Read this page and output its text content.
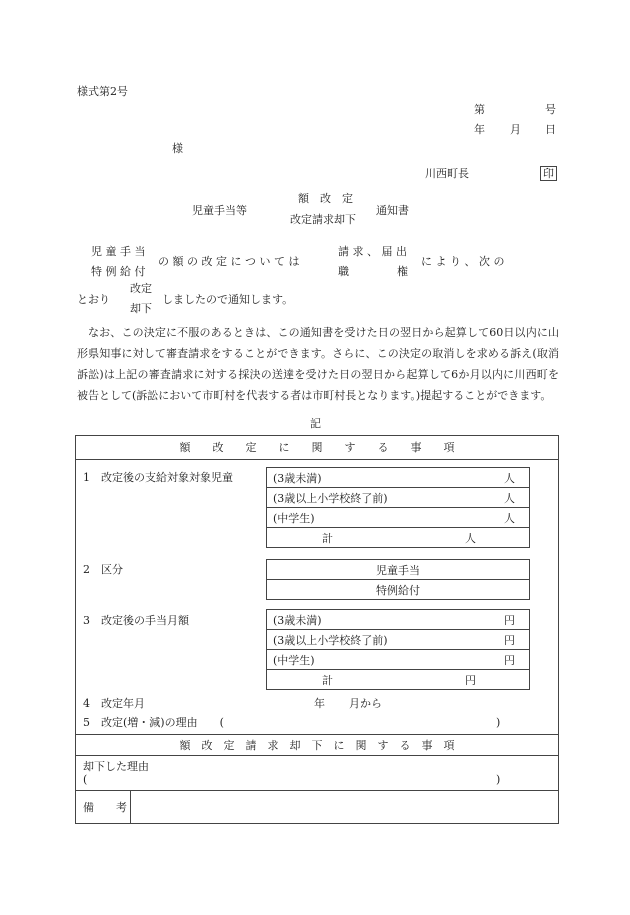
様式第2号
第	号
年 月 日
様
川西町長	印
児童手当等
額　改　定
改定請求却下
通知書
児 童 手 当
特 例 給 付
の 額 の 改 定 に つ い て は
請 求 、 届 出
職	権
に よ り 、 次 の
とおり
改定
却下
しましたので通知します。
なお、この決定に不服のあるときは、この通知書を受けた日の翌日から起算して60日以内に山形県知事に対して審査請求をすることができます。さらに、この決定の取消しを求める訴え(取消訴訟)は上記の審査請求に対する採決の送達を受けた日の翌日から起算して6か月以内に川西町を被告として(訴訟において市町村を代表する者は市町村長となります。)提起することができます。
記
額　　改　　定　　に　　関　　す　　る　　事　　項
1　改定後の支給対象対象児童	(3歳未満)	人
(3歳以上小学校終了前)	人
(中学生)	人
計	人
2　区分	児童手当
特例給付
3　改定後の手当月額	(3歳未満)	円
(3歳以上小学校終了前)	円
(中学生)	円
計	円
4　改定年月	年 月から
5　改定(増・減)の理由　　(	)
額　改　定　請　求　却　下　に　関　す　る　事　項
却下した理由
(	)
備　　考
